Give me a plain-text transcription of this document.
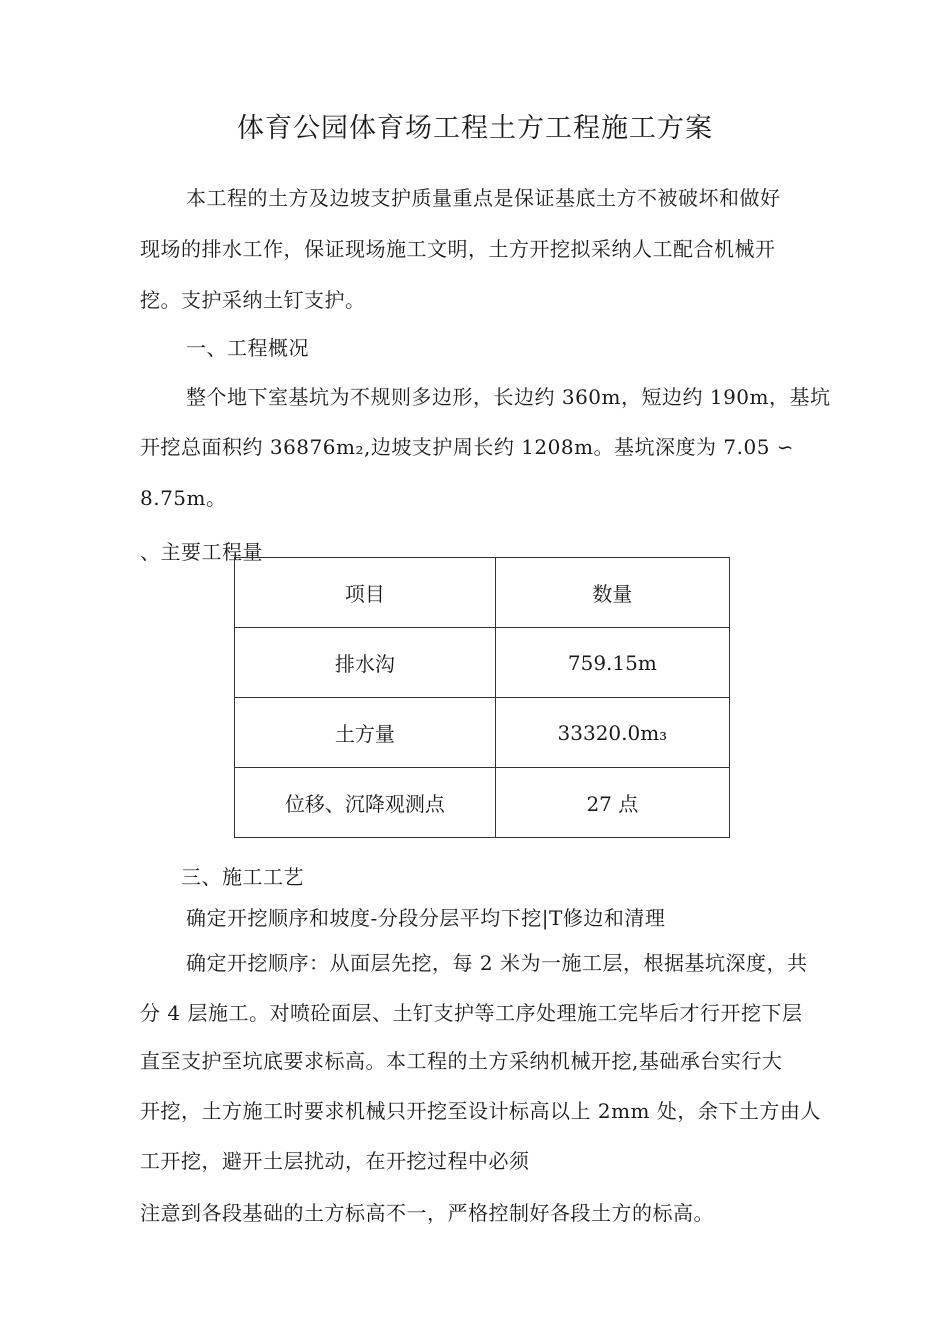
体育公园体育场工程土方工程施工方案
本工程的土方及边坡支护质量重点是保证基底土方不被破坏和做好
现场的排水工作，保证现场施工文明，土方开挖拟采纳人工配合机械开
挖。支护采纳土钉支护。
一、工程概况
整个地下室基坑为不规则多边形，长边约 360m，短边约 190m，基坑
开挖总面积约 36876m₂,边坡支护周长约 1208m。基坑深度为 7.05 ∽
8.75m。
、主要工程量
项目	数量
排水沟	759.15m
土方量	33320.0m₃
位移、沉降观测点	27 点
三、施工工艺
确定开挖顺序和坡度-分段分层平均下挖|T修边和清理
确定开挖顺序：从面层先挖，每 2 米为一施工层，根据基坑深度，共
分 4 层施工。对喷砼面层、土钉支护等工序处理施工完毕后才行开挖下层
直至支护至坑底要求标高。本工程的土方采纳机械开挖,基础承台实行大
开挖，土方施工时要求机械只开挖至设计标高以上 2mm 处，余下土方由人
工开挖，避开土层扰动，在开挖过程中必须
注意到各段基础的土方标高不一，严格控制好各段土方的标高。
